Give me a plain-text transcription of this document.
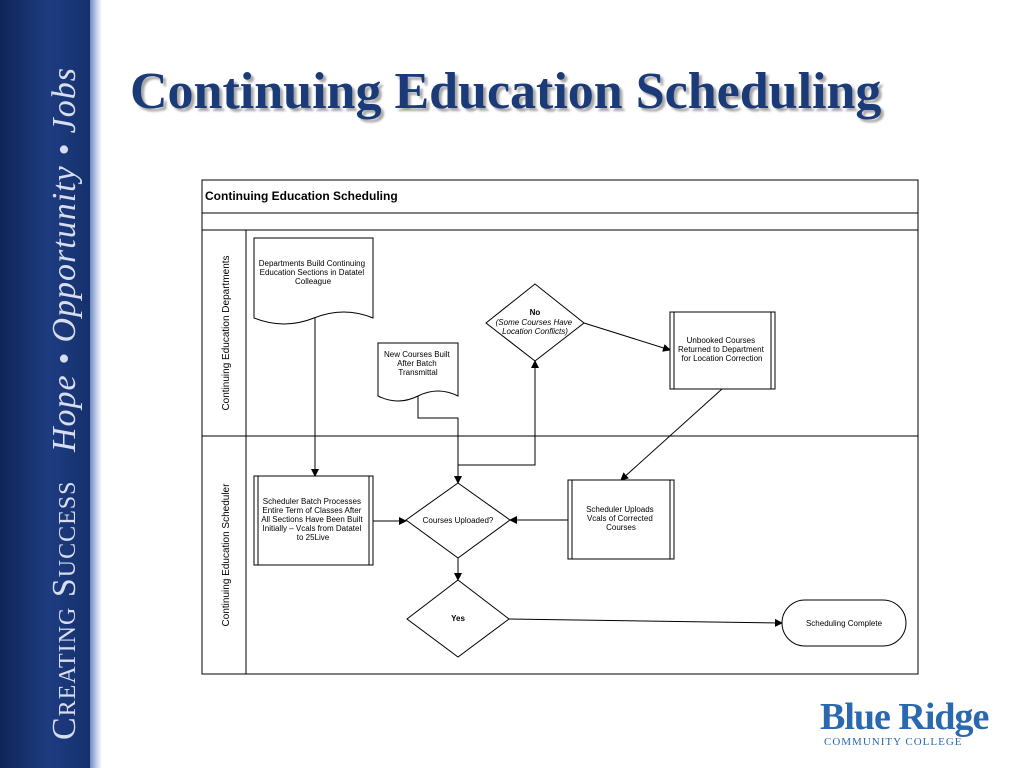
Creating Success   Hope • Opportunity • Jobs Continuing Education Scheduling
Continuing Education Scheduling
Continuing Education Departments
Continuing Education Scheduler
Departments Build Continuing Education Sections in Datatel Colleague
New Courses Built After Batch Transmittal
No
(Some Courses Have Location Conflicts)
Unbooked Courses Returned to Department for Location Correction
Scheduler Batch Processes Entire Term of Classes After All Sections Have Been Built Initially – Vcals from Datatel to 25Live
Courses Uploaded?
Scheduler Uploads Vcals of Corrected Courses
Yes
Scheduling Complete
Blue Ridge
COMMUNITY COLLEGE
